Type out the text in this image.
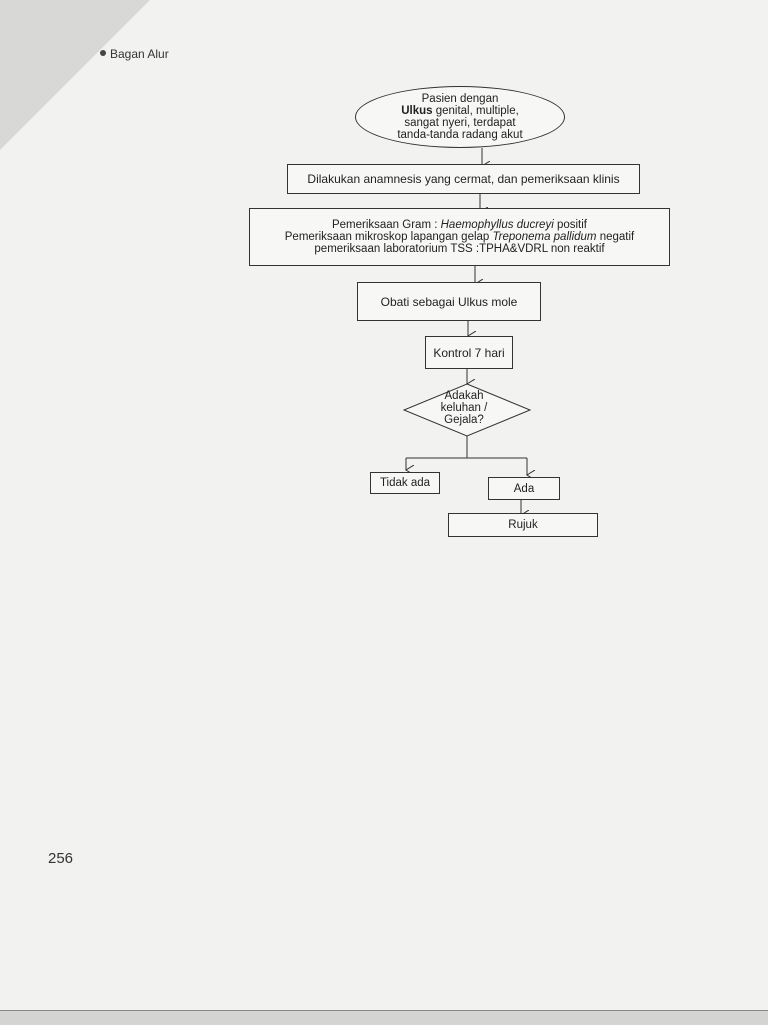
Bagan Alur
Pasien dengan
Ulkus genital, multiple,
sangat nyeri, terdapat
tanda-tanda radang akut
Dilakukan anamnesis yang cermat, dan pemeriksaan klinis
Pemeriksaan Gram : Haemophyllus ducreyi positif
Pemeriksaan mikroskop lapangan gelap Treponema pallidum negatif
pemeriksaan laboratorium TSS :TPHA&VDRL non reaktif
Obati sebagai Ulkus mole
Kontrol 7 hari
Adakah
keluhan /
Gejala?
Tidak ada	Ada
Rujuk
256
